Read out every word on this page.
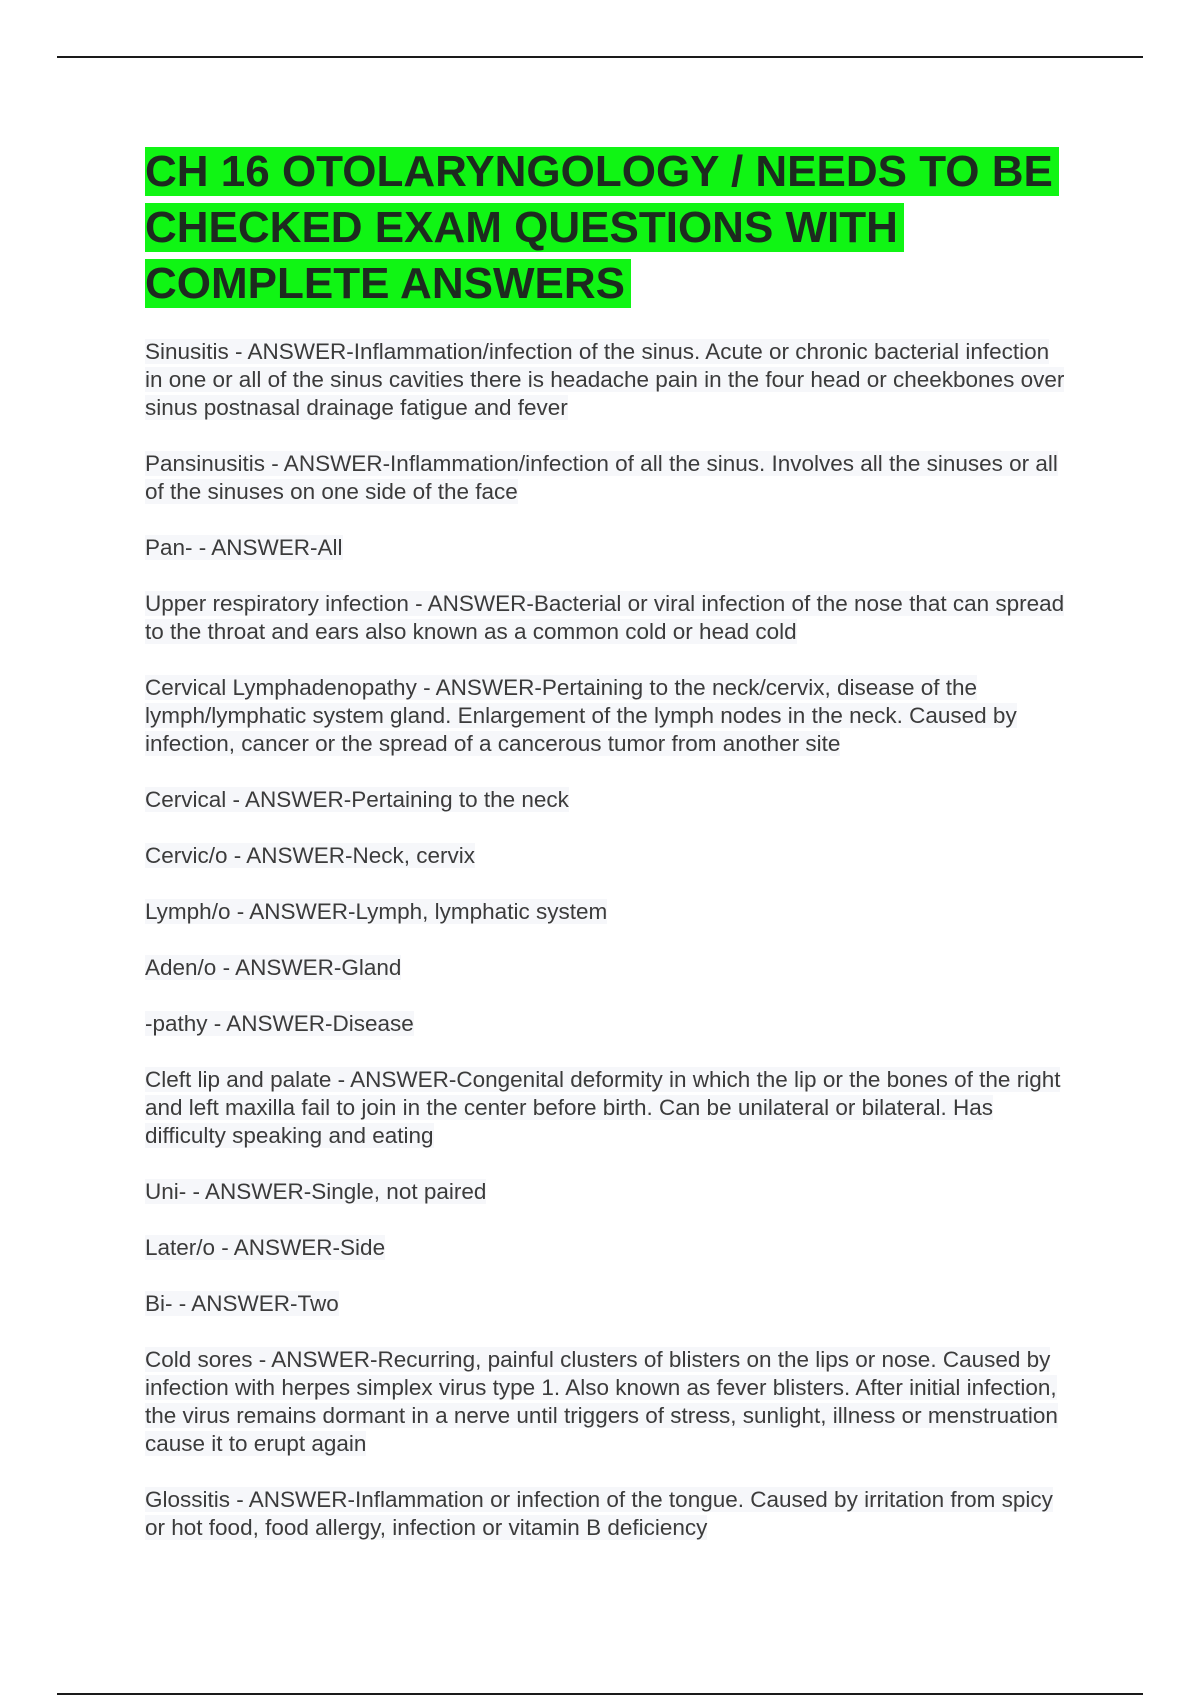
CH 16 OTOLARYNGOLOGY / NEEDS TO BE CHECKED EXAM QUESTIONS WITH COMPLETE ANSWERS
Sinusitis - ANSWER-Inflammation/infection of the sinus. Acute or chronic bacterial infection in one or all of the sinus cavities there is headache pain in the four head or cheekbones over sinus postnasal drainage fatigue and fever
Pansinusitis - ANSWER-Inflammation/infection of all the sinus. Involves all the sinuses or all of the sinuses on one side of the face
Pan- - ANSWER-All
Upper respiratory infection - ANSWER-Bacterial or viral infection of the nose that can spread to the throat and ears also known as a common cold or head cold
Cervical Lymphadenopathy - ANSWER-Pertaining to the neck/cervix, disease of the lymph/lymphatic system gland. Enlargement of the lymph nodes in the neck. Caused by infection, cancer or the spread of a cancerous tumor from another site
Cervical - ANSWER-Pertaining to the neck
Cervic/o - ANSWER-Neck, cervix
Lymph/o - ANSWER-Lymph, lymphatic system
Aden/o - ANSWER-Gland
-pathy - ANSWER-Disease
Cleft lip and palate - ANSWER-Congenital deformity in which the lip or the bones of the right and left maxilla fail to join in the center before birth. Can be unilateral or bilateral. Has difficulty speaking and eating
Uni- - ANSWER-Single, not paired
Later/o - ANSWER-Side
Bi- - ANSWER-Two
Cold sores - ANSWER-Recurring, painful clusters of blisters on the lips or nose. Caused by infection with herpes simplex virus type 1. Also known as fever blisters. After initial infection, the virus remains dormant in a nerve until triggers of stress, sunlight, illness or menstruation cause it to erupt again
Glossitis - ANSWER-Inflammation or infection of the tongue. Caused by irritation from spicy or hot food, food allergy, infection or vitamin B deficiency
